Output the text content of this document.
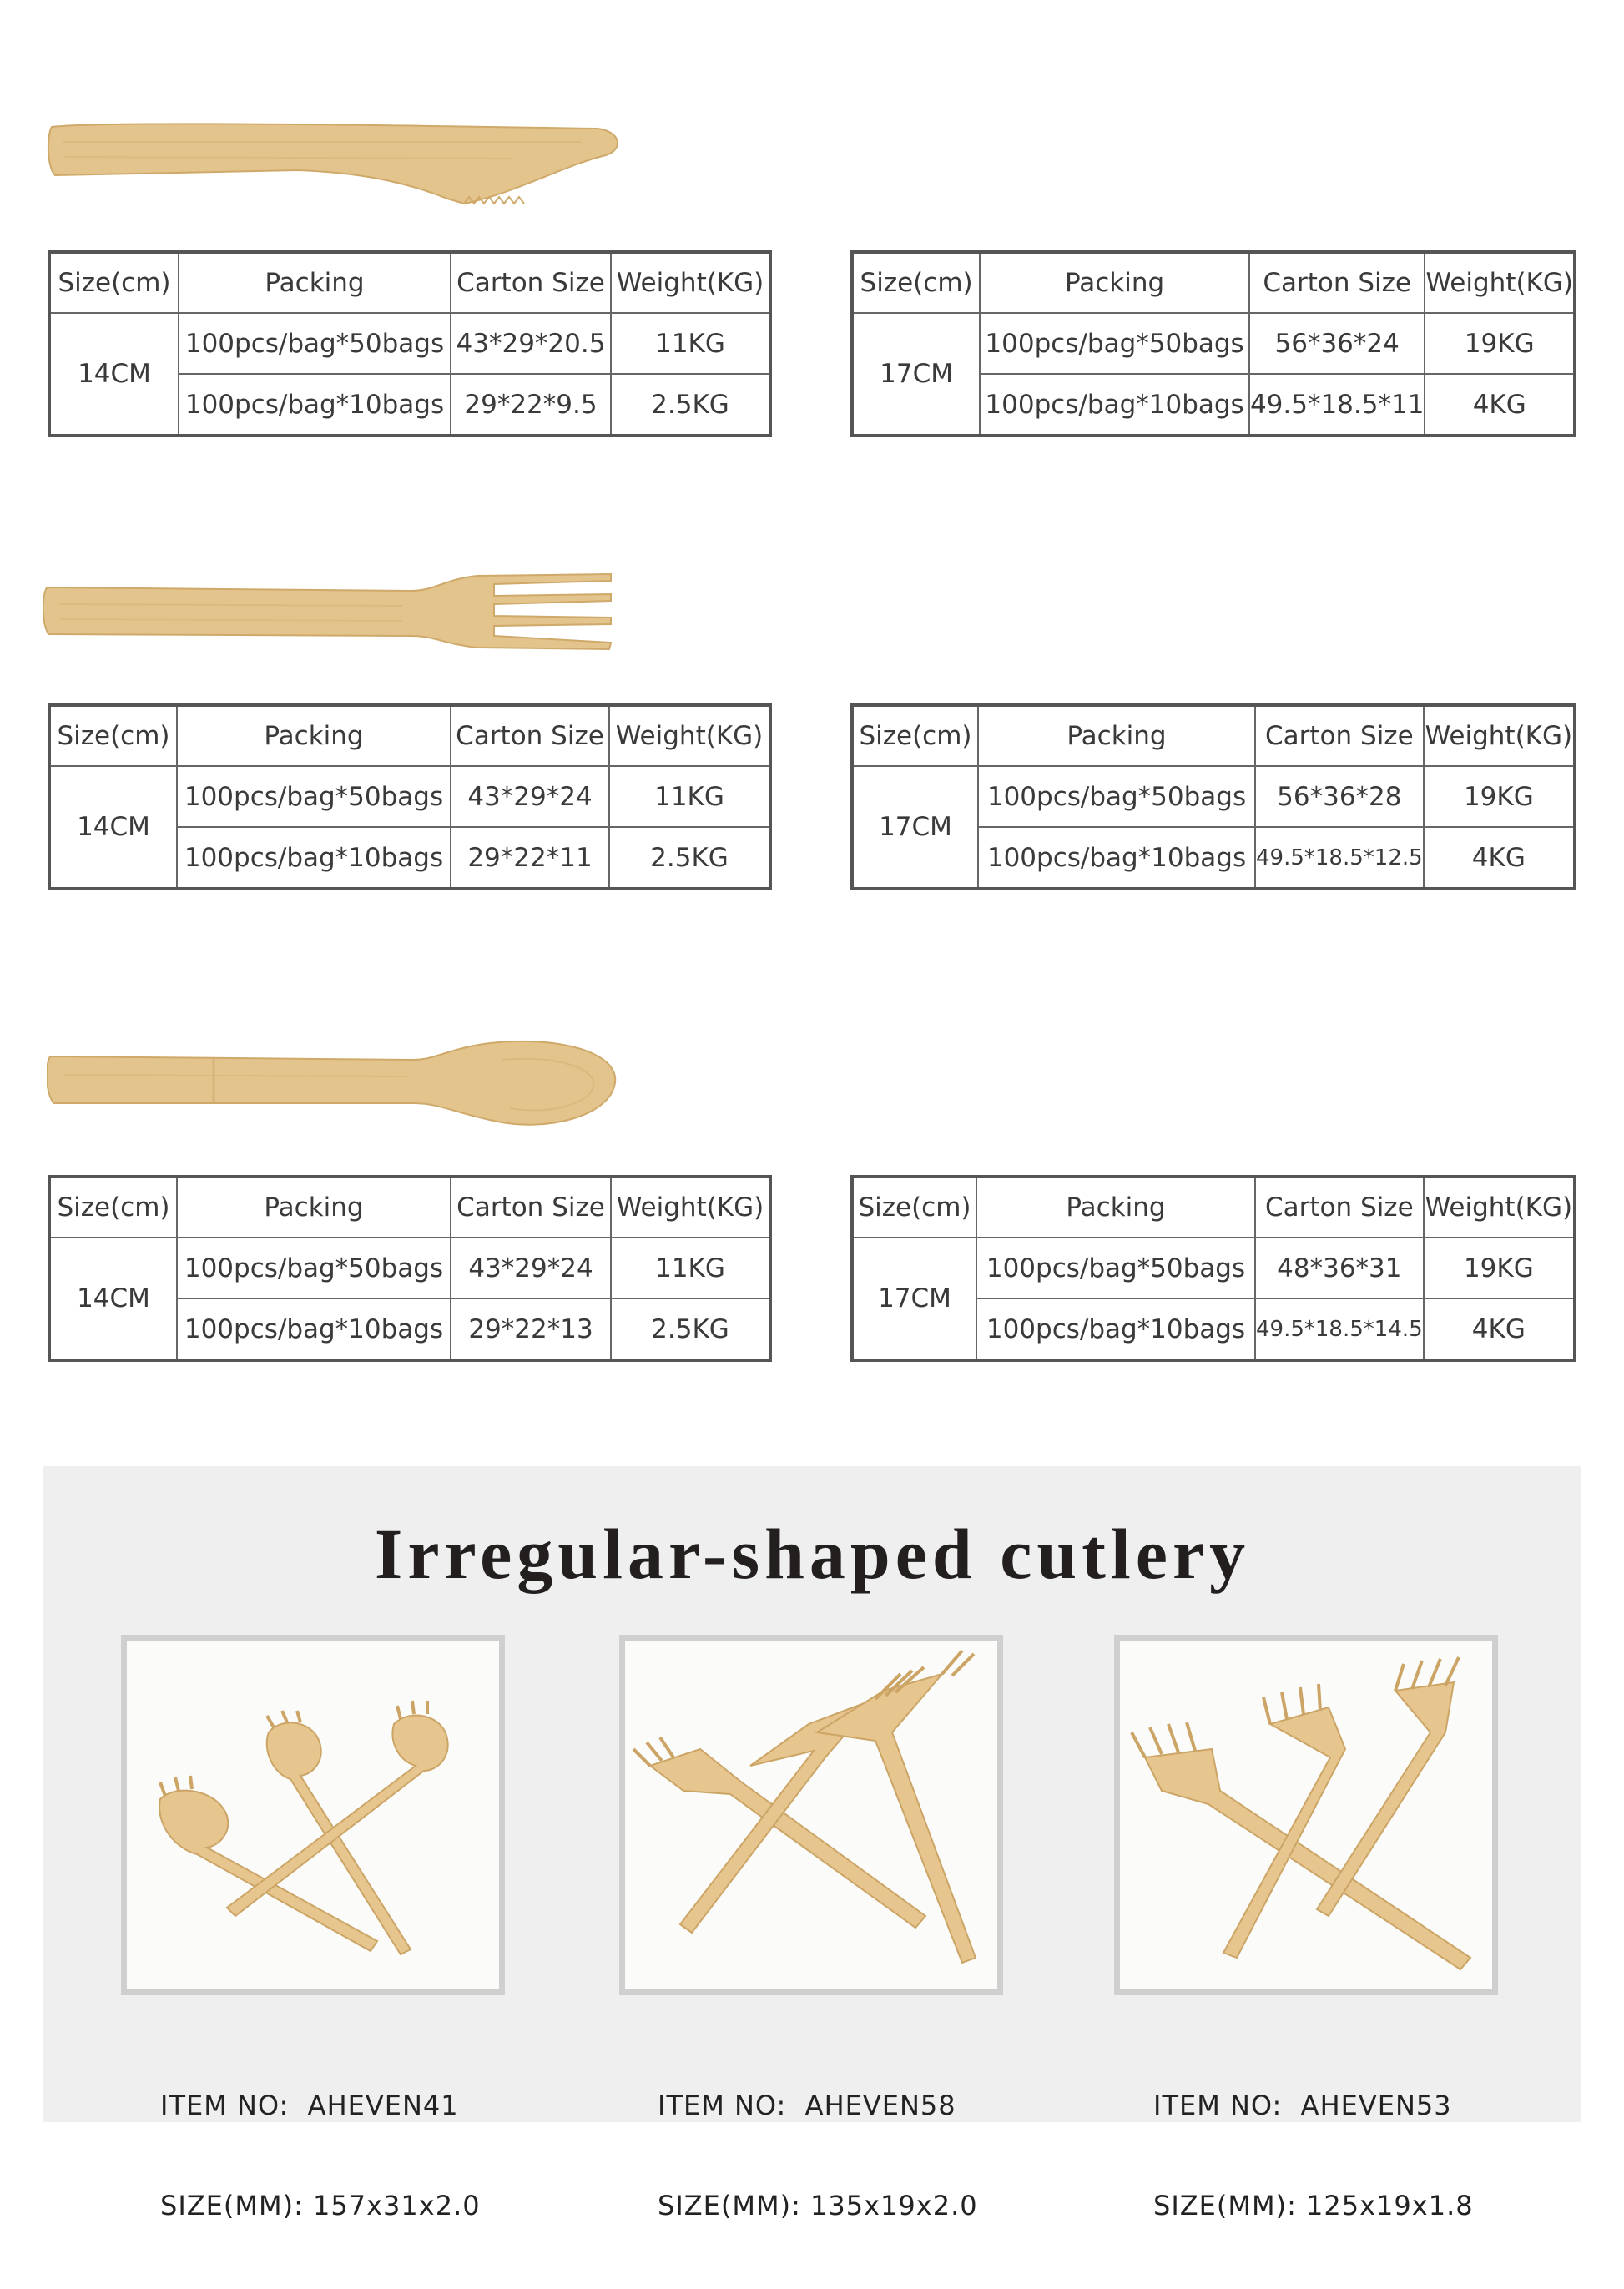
Size(cm)	Packing	Carton Size	Weight(KG)
14CM	100pcs/bag*50bags	43*29*20.5	11KG
	100pcs/bag*10bags	29*22*9.5	2.5KG
Size(cm)	Packing	Carton Size	Weight(KG)
17CM	100pcs/bag*50bags	56*36*24	19KG
	100pcs/bag*10bags	49.5*18.5*11	4KG
Size(cm)	Packing	Carton Size	Weight(KG)
14CM	100pcs/bag*50bags	43*29*24	11KG
	100pcs/bag*10bags	29*22*11	2.5KG
Size(cm)	Packing	Carton Size	Weight(KG)
17CM	100pcs/bag*50bags	56*36*28	19KG
	100pcs/bag*10bags	49.5*18.5*12.5	4KG
Size(cm)	Packing	Carton Size	Weight(KG)
14CM	100pcs/bag*50bags	43*29*24	11KG
	100pcs/bag*10bags	29*22*13	2.5KG
Size(cm)	Packing	Carton Size	Weight(KG)
17CM	100pcs/bag*50bags	48*36*31	19KG
	100pcs/bag*10bags	49.5*18.5*14.5	4KG
Irregular-shaped cutlery

ITEM NO:  AHEVEN41

SIZE(MM): 157x31x2.0

ITEM NO:  AHEVEN58

SIZE(MM): 135x19x2.0

ITEM NO:  AHEVEN53

SIZE(MM): 125x19x1.8
